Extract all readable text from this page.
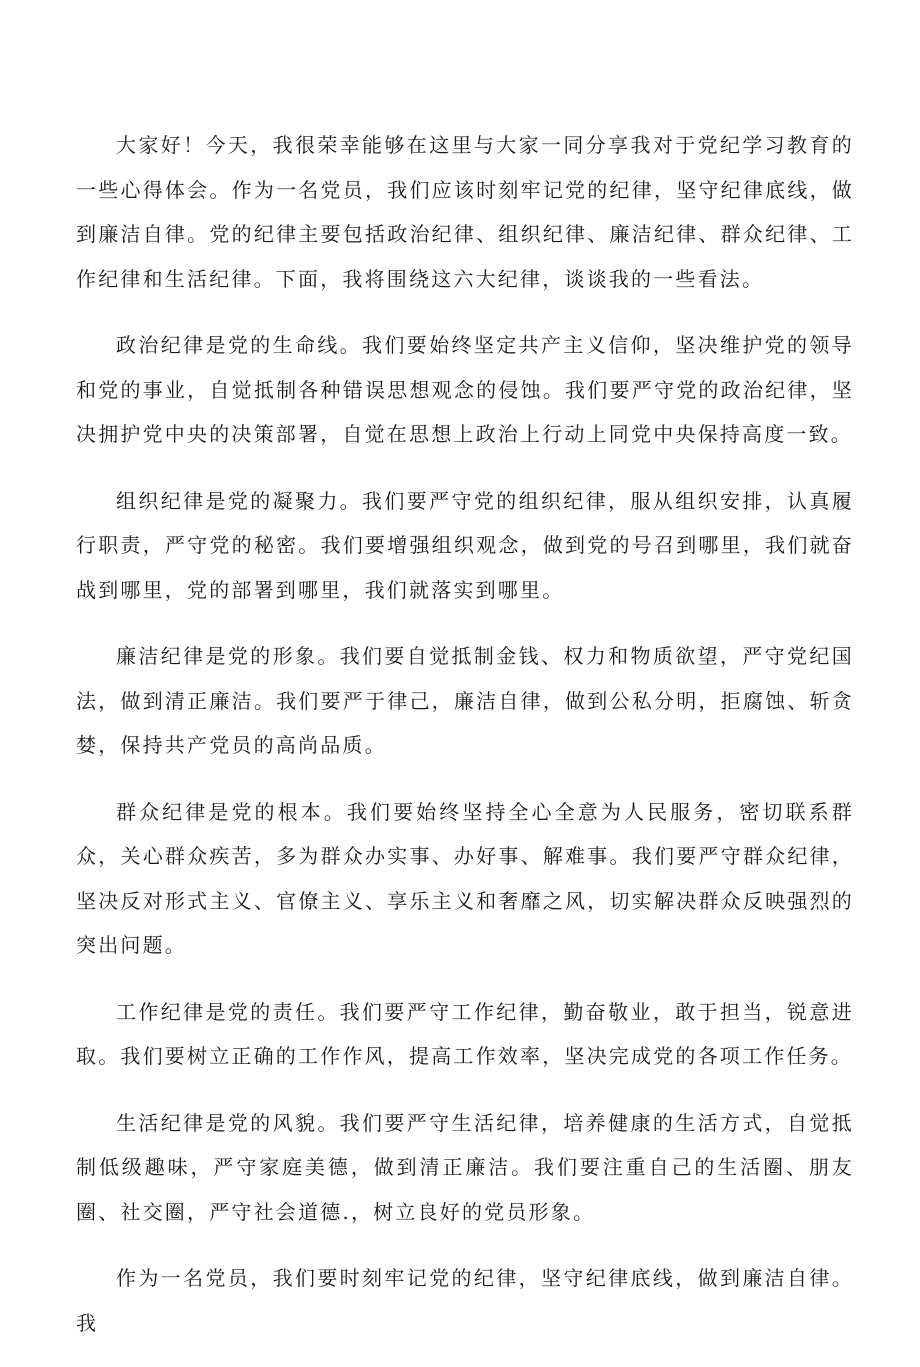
大家好！今天，我很荣幸能够在这里与大家一同分享我对于党纪学习教育的一些心得体会。作为一名党员，我们应该时刻牢记党的纪律，坚守纪律底线，做到廉洁自律。党的纪律主要包括政治纪律、组织纪律、廉洁纪律、群众纪律、工作纪律和生活纪律。下面，我将围绕这六大纪律，谈谈我的一些看法。

政治纪律是党的生命线。我们要始终坚定共产主义信仰，坚决维护党的领导和党的事业，自觉抵制各种错误思想观念的侵蚀。我们要严守党的政治纪律，坚决拥护党中央的决策部署，自觉在思想上政治上行动上同党中央保持高度一致。

组织纪律是党的凝聚力。我们要严守党的组织纪律，服从组织安排，认真履行职责，严守党的秘密。我们要增强组织观念，做到党的号召到哪里，我们就奋战到哪里，党的部署到哪里，我们就落实到哪里。

廉洁纪律是党的形象。我们要自觉抵制金钱、权力和物质欲望，严守党纪国法，做到清正廉洁。我们要严于律己，廉洁自律，做到公私分明，拒腐蚀、斩贪婪，保持共产党员的高尚品质。

群众纪律是党的根本。我们要始终坚持全心全意为人民服务，密切联系群众，关心群众疾苦，多为群众办实事、办好事、解难事。我们要严守群众纪律，坚决反对形式主义、官僚主义、享乐主义和奢靡之风，切实解决群众反映强烈的突出问题。

工作纪律是党的责任。我们要严守工作纪律，勤奋敬业，敢于担当，锐意进取。我们要树立正确的工作作风，提高工作效率，坚决完成党的各项工作任务。

生活纪律是党的风貌。我们要严守生活纪律，培养健康的生活方式，自觉抵制低级趣味，严守家庭美德，做到清正廉洁。我们要注重自己的生活圈、朋友圈、社交圈，严守社会道德.，树立良好的党员形象。

作为一名党员，我们要时刻牢记党的纪律，坚守纪律底线，做到廉洁自律。我
